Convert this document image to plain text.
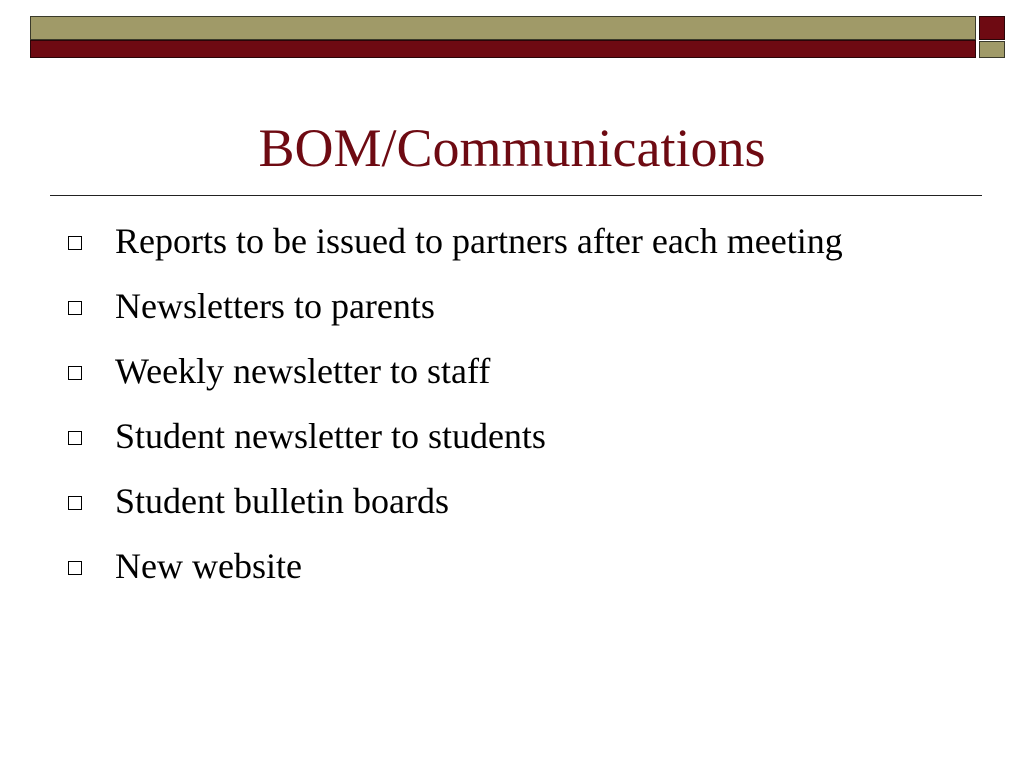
BOM/Communications
Reports to be issued to partners after each meeting
Newsletters to parents
Weekly newsletter to staff
Student newsletter to students
Student bulletin boards
New website
